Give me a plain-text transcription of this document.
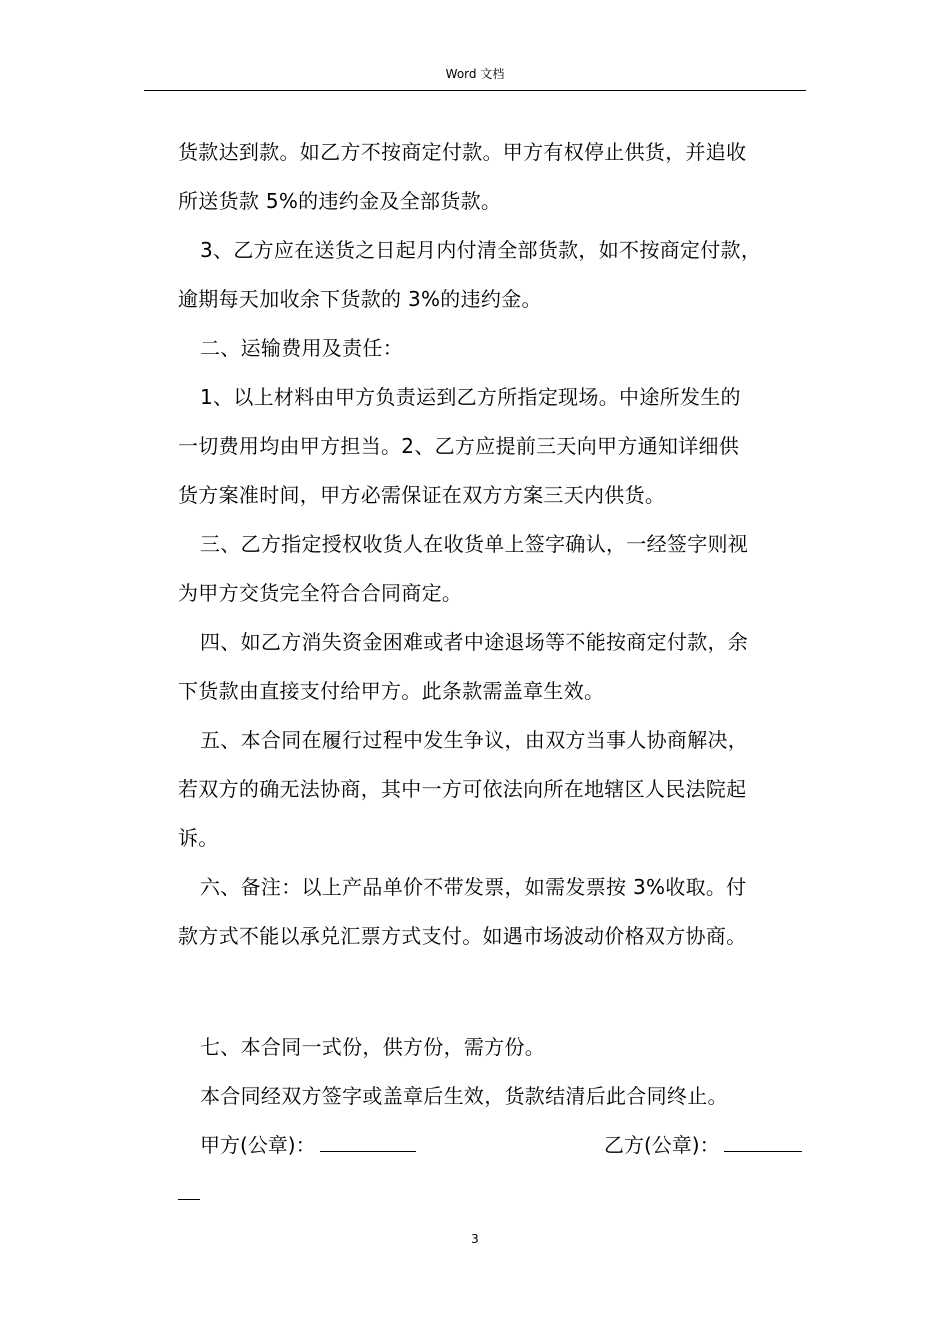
Word 文档

货款达到款。如乙方不按商定付款。甲方有权停止供货，并追收

所送货款 5%的违约金及全部货款。

3、乙方应在送货之日起月内付清全部货款，如不按商定付款，

逾期每天加收余下货款的 3%的违约金。

二、运输费用及责任：

1、以上材料由甲方负责运到乙方所指定现场。中途所发生的

一切费用均由甲方担当。2、乙方应提前三天向甲方通知详细供

货方案准时间，甲方必需保证在双方方案三天内供货。

三、乙方指定授权收货人在收货单上签字确认，一经签字则视

为甲方交货完全符合合同商定。

四、如乙方消失资金困难或者中途退场等不能按商定付款，余

下货款由直接支付给甲方。此条款需盖章生效。

五、本合同在履行过程中发生争议，由双方当事人协商解决，

若双方的确无法协商，其中一方可依法向所在地辖区人民法院起

诉。

六、备注：以上产品单价不带发票，如需发票按 3%收取。付

款方式不能以承兑汇票方式支付。如遇市场波动价格双方协商。

七、本合同一式份，供方份，需方份。

本合同经双方签字或盖章后生效，货款结清后此合同终止。

甲方(公章)：	乙方(公章)：
3
